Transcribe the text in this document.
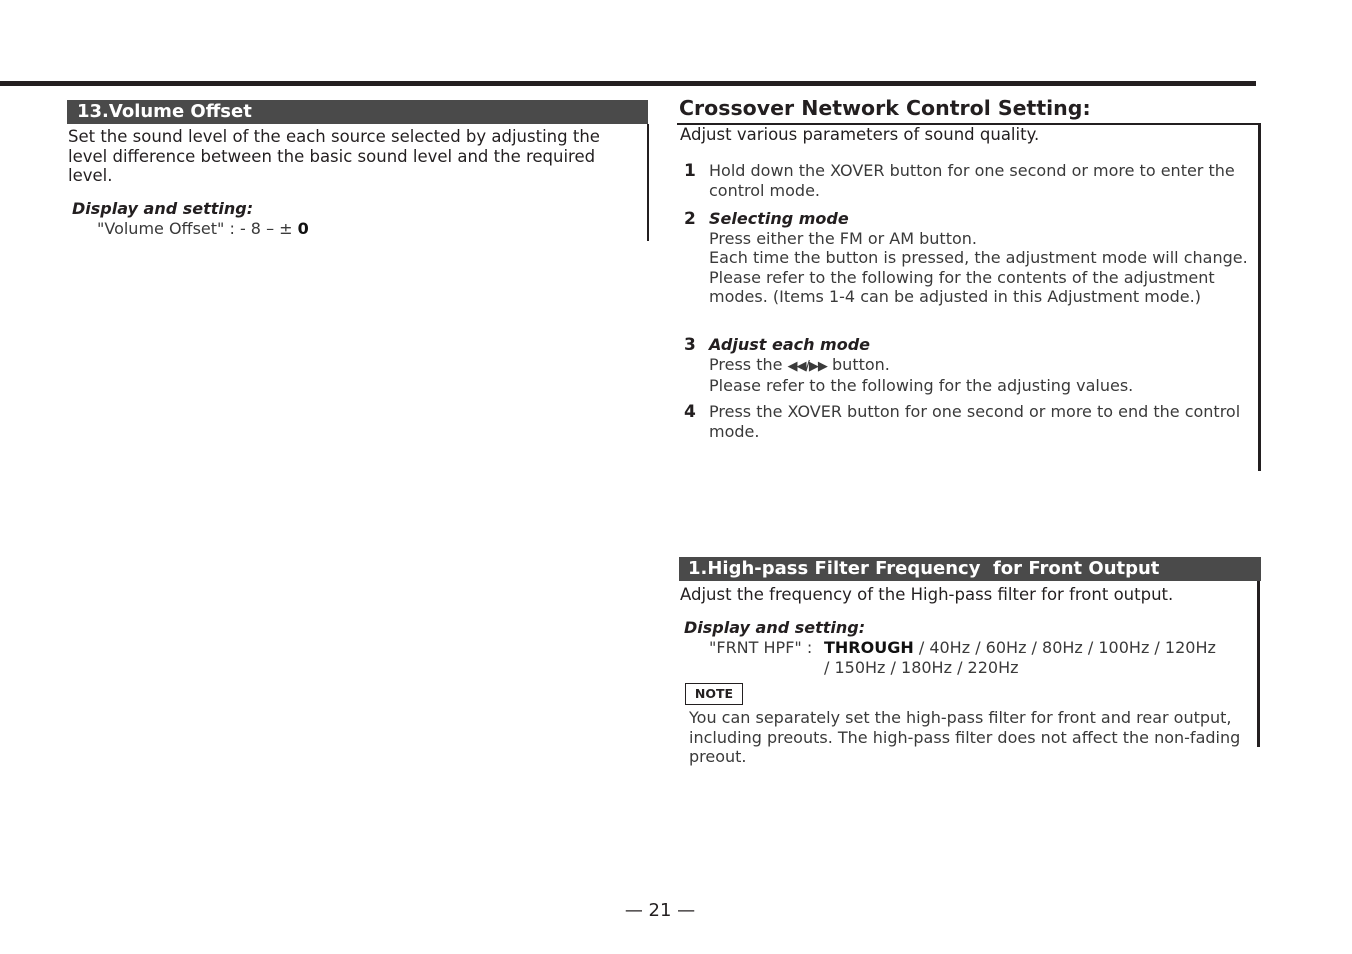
13.Volume Offset

Set the sound level of the each source selected by adjusting the level difference between the basic sound level and the required level.

Display and setting:

"Volume Offset" : - 8 – ± 0

Crossover Network Control Setting:

Adjust various parameters of sound quality.

1 Hold down the XOVER button for one second or more to enter the control mode.
2 Selecting mode
Press either the FM or AM button.
Each time the button is pressed, the adjustment mode will change.
Please refer to the following for the contents of the adjustment modes. (Items 1-4 can be adjusted in this Adjustment mode.)
3 Adjust each mode
Press the ◀◀/▶▶ button.
Please refer to the following for the adjusting values.
4 Press the XOVER button for one second or more to end the control mode.
1.High-pass Filter Frequency  for Front Output

Adjust the frequency of the High-pass filter for front output.

Display and setting:

"FRNT HPF" : THROUGH / 40Hz / 60Hz / 80Hz / 100Hz / 120Hz
/ 150Hz / 180Hz / 220Hz
NOTE

You can separately set the high-pass filter for front and rear output, including preouts. The high-pass filter does not affect the non-fading preout.

— 21 —
